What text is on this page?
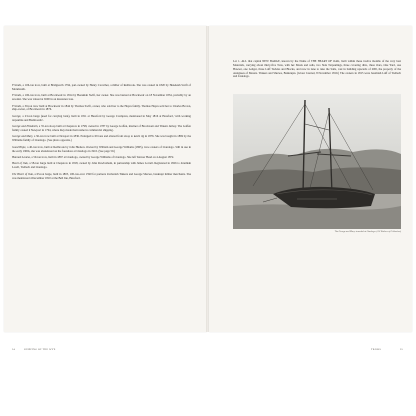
Friends, a 106-ton trow, built at Bridgnorth 1794, part-owned by Henry Crowther, a miller of Redbrook. She was owned in 1820 by Hezekiah Swift of Monmouth.

Friends, a 106-ton trow, built at Brockweir in 1814 by Hezekiah Swift, her owner. She was burned at Brockweir on 18 November 1834, probably by an arsonist. She was valued at £600 in an insurance loss.

Friends, a 30-ton trow built at Brockweir in 1844 by Thomas Swift, owner, who sold her to the Hayes family. Thomas Hayes sold her to Charles Brown, ship-owner, of Brockweir in 1876.

George, a 23-ton barge (used for carrying bark), built in 1811 at Hereford by George Crompton, mentioned in May 1816 at Hereford, 'with working tarpaulins and Barkboards'.

George and Elizabeth, a 35-ton sloop built at Chepstow in 1798, owned in 1787 by George Goffen, mariner of Brockweir and Tintern Abbey. The Goffen family owned it Newport in 1794, where they made their name in commercial shipping.

George and Mary, a 36-ton trow built at Newport in 1836. Enlarged to 69 tons and altered from sloop to ketch rig in 1876. She was bought in 1869 by the Williams family of Llandogo. (See photo opposite.)

Good Hope, a 40-ton trow, built at Redbrook by John Hudson. Owned by William and George Williams (1865), trow-owners of Llandogo. Still in use in the early 1900s, she was abandoned on the foreshore at Llandogo in 1910. (See page 50.)

Hannah Louisa, a 59-ton trow, built in 1867 at Llandogo, owned by George Williams of Llandogo. She left Tenwer Head on 4 August 1872.

Heart of Oak, a 58-ton barge built at Chepstow in 1818, owned by John Rowbotham, in partnership with James Lorrell. Registered in 1826 to Jeremiah Lorell, Trellech and Llandogo.

The Heart of Oak, a 63-ton barge, built in 1805, 100-ton-over 1590 for partners Zachariah Tinkers and George Shrewe, bankrupt timber merchants. She was mentioned 4 December 1810 at the Bell Inn, Hereford.

34	SHIPPING OF THE WYE
Lot 1. ALL that capital NEW BARGE, known by the Name of THE HEART OF OAK, built within these twelve months of the very best Materials, carrying about thirty-five Tons, with her Masts and sails, two Side Tarpaulings, three covering ditto, three Oars, One Yard, one Hawser, one Ledger, three Luff Tackles and Blocks, and now in tune to take the Sails, cast in building upwards of 200l, the property of the Assignees of Messrs. Tinkers and Shrewe, Bankrupts. (Glouc Journal, 8 November 1810.) The owners in 1815 were Jeremiah Luff of Trellech and Llandogo.
The George and Mary stranded at Llandogo. (Jill Walters of Collection)
TROWS	35
